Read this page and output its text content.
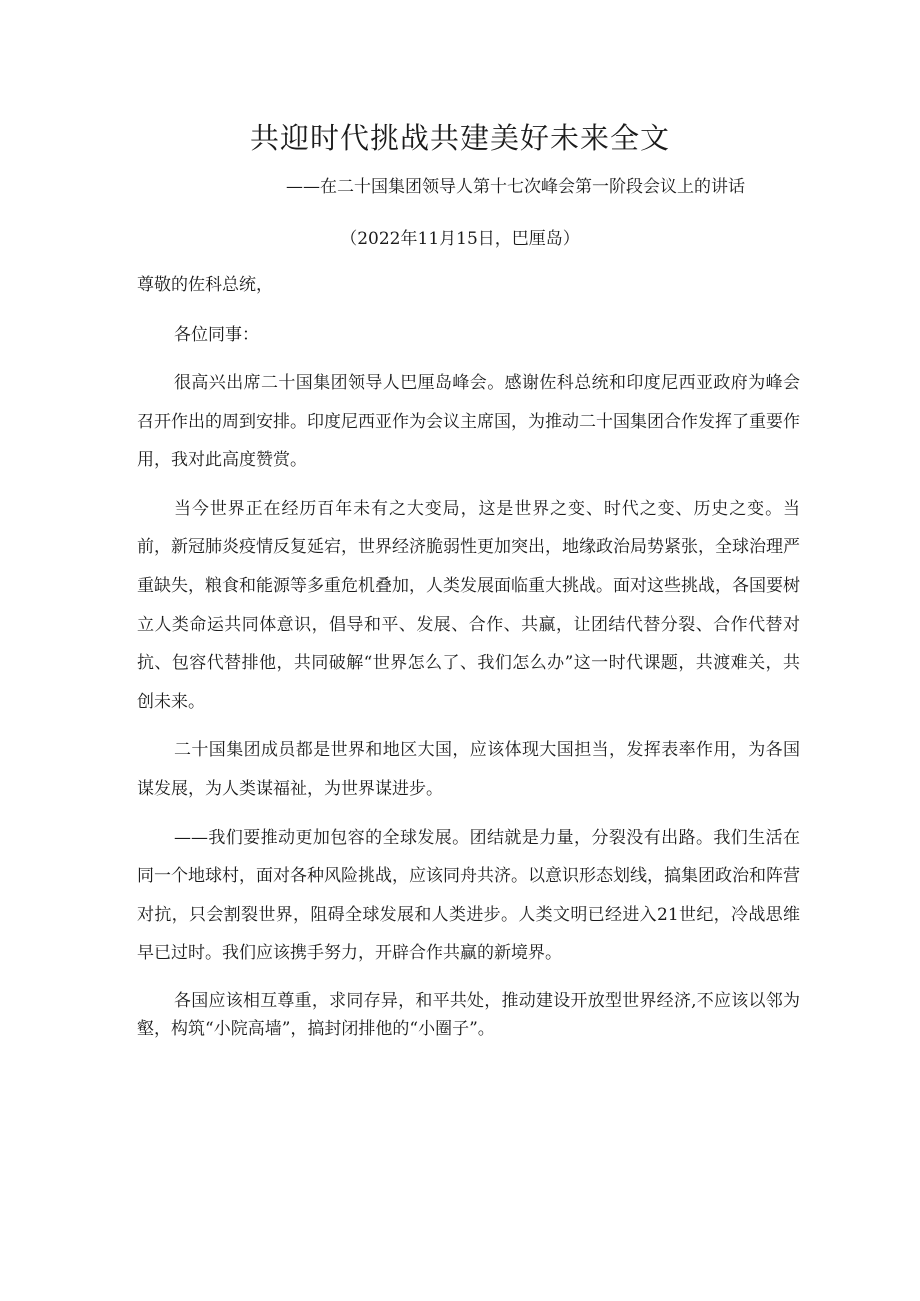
共迎时代挑战共建美好未来全文
——在二十国集团领导人第十七次峰会第一阶段会议上的讲话
（2022年11月15日，巴厘岛）
尊敬的佐科总统，
各位同事：

很高兴出席二十国集团领导人巴厘岛峰会。感谢佐科总统和印度尼西亚政府为峰会召开作出的周到安排。印度尼西亚作为会议主席国，为推动二十国集团合作发挥了重要作用，我对此高度赞赏。

当今世界正在经历百年未有之大变局，这是世界之变、时代之变、历史之变。当前，新冠肺炎疫情反复延宕，世界经济脆弱性更加突出，地缘政治局势紧张，全球治理严重缺失，粮食和能源等多重危机叠加，人类发展面临重大挑战。面对这些挑战，各国要树立人类命运共同体意识，倡导和平、发展、合作、共赢，让团结代替分裂、合作代替对抗、包容代替排他，共同破解“世界怎么了、我们怎么办”这一时代课题，共渡难关，共创未来。

二十国集团成员都是世界和地区大国，应该体现大国担当，发挥表率作用，为各国谋发展，为人类谋福祉，为世界谋进步。

——我们要推动更加包容的全球发展。团结就是力量，分裂没有出路。我们生活在同一个地球村，面对各种风险挑战，应该同舟共济。以意识形态划线，搞集团政治和阵营对抗，只会割裂世界，阻碍全球发展和人类进步。人类文明已经进入21世纪，冷战思维早已过时。我们应该携手努力，开辟合作共赢的新境界。

各国应该相互尊重，求同存异，和平共处，推动建设开放型世界经济,不应该以邻为壑，构筑“小院高墙”，搞封闭排他的“小圈子”。
